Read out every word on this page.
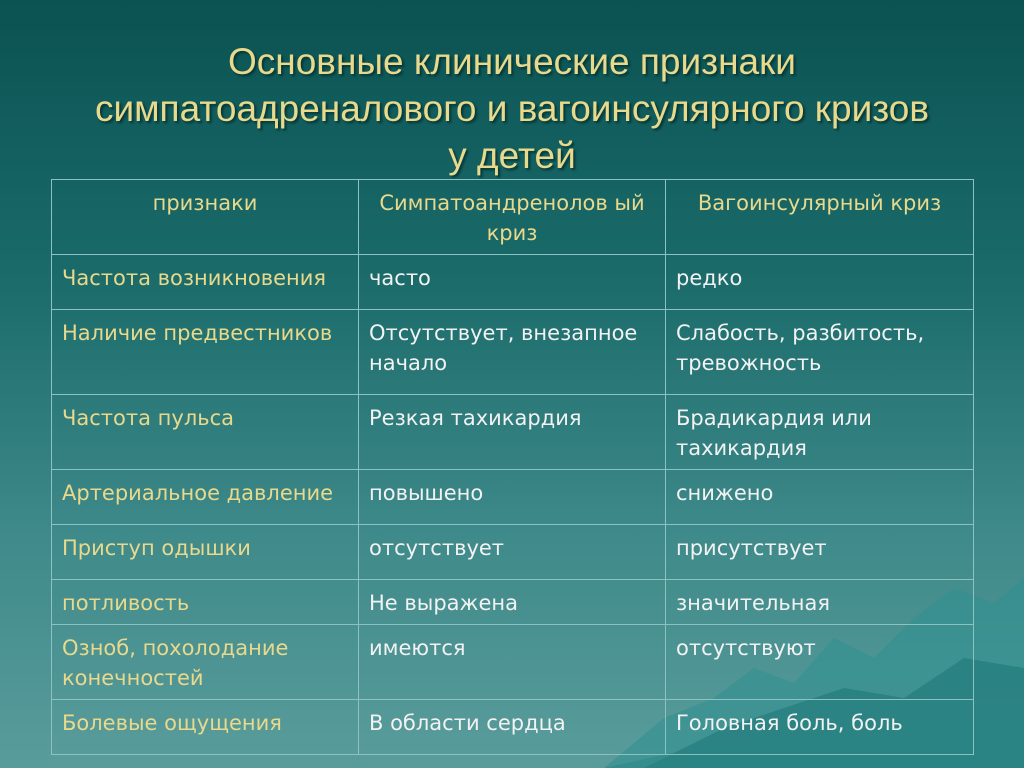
Основные клинические признаки
симпатоадреналового и вагоинсулярного кризов
у детей
признаки	Симпатоандренолов ый криз	Вагоинсулярный криз
Частота возникновения	часто	редко
Наличие предвестников	Отсутствует, внезапное начало	Слабость, разбитость, тревожность
Частота пульса	Резкая тахикардия	Брадикардия или тахикардия
Артериальное давление	повышено	снижено
Приступ одышки	отсутствует	присутствует
потливость	Не выражена	значительная
Озноб, похолодание конечностей	имеются	отсутствуют
Болевые ощущения	В области сердца	Головная боль, боль
